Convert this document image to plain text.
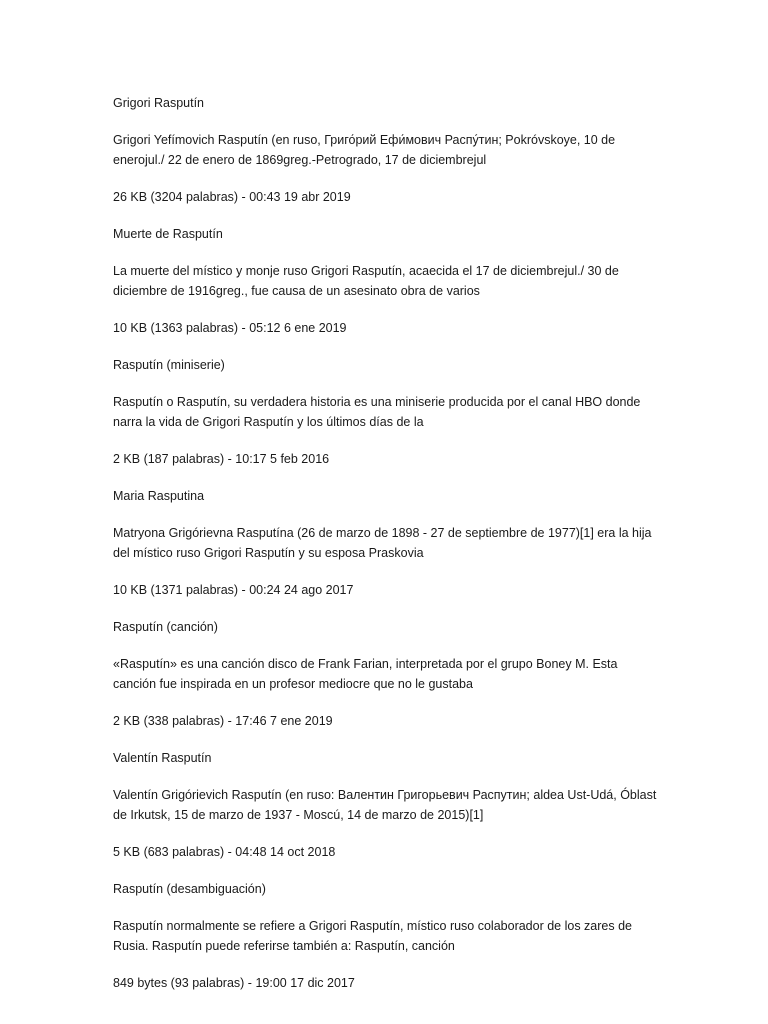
Grigori Rasputín

Grigori Yefímovich Rasputín (en ruso, Григо́рий Ефи́мович Распу́тин; Pokróvskoye, 10 de enerojul./ 22 de enero de 1869greg.-Petrogrado, 17 de diciembrejul

26 KB (3204 palabras) - 00:43 19 abr 2019

Muerte de Rasputín

La muerte del místico y monje ruso Grigori Rasputín, acaecida el 17 de diciembrejul./ 30 de diciembre de 1916greg., fue causa de un asesinato obra de varios

10 KB (1363 palabras) - 05:12 6 ene 2019

Rasputín (miniserie)

Rasputín o Rasputín, su verdadera historia es una miniserie producida por el canal HBO donde narra la vida de Grigori Rasputín y los últimos días de la

2 KB (187 palabras) - 10:17 5 feb 2016

Maria Rasputina

Matryona Grigórievna Rasputína (26 de marzo de 1898 - 27 de septiembre de 1977)[1] era la hija del místico ruso Grigori Rasputín y su esposa Praskovia

10 KB (1371 palabras) - 00:24 24 ago 2017

Rasputín (canción)

«Rasputín» es una canción disco de Frank Farian, interpretada por el grupo Boney M. Esta canción fue inspirada en un profesor mediocre que no le gustaba

2 KB (338 palabras) - 17:46 7 ene 2019

Valentín Rasputín

Valentín Grigórievich Rasputín (en ruso: Валентин Григорьевич Распутин; aldea Ust-Udá, Óblast de Irkutsk, 15 de marzo de 1937 - Moscú, 14 de marzo de 2015)[1]

5 KB (683 palabras) - 04:48 14 oct 2018

Rasputín (desambiguación)

Rasputín normalmente se refiere a Grigori Rasputín, místico ruso colaborador de los zares de Rusia. Rasputín puede referirse también a: Rasputín, canción

849 bytes (93 palabras) - 19:00 17 dic 2017
